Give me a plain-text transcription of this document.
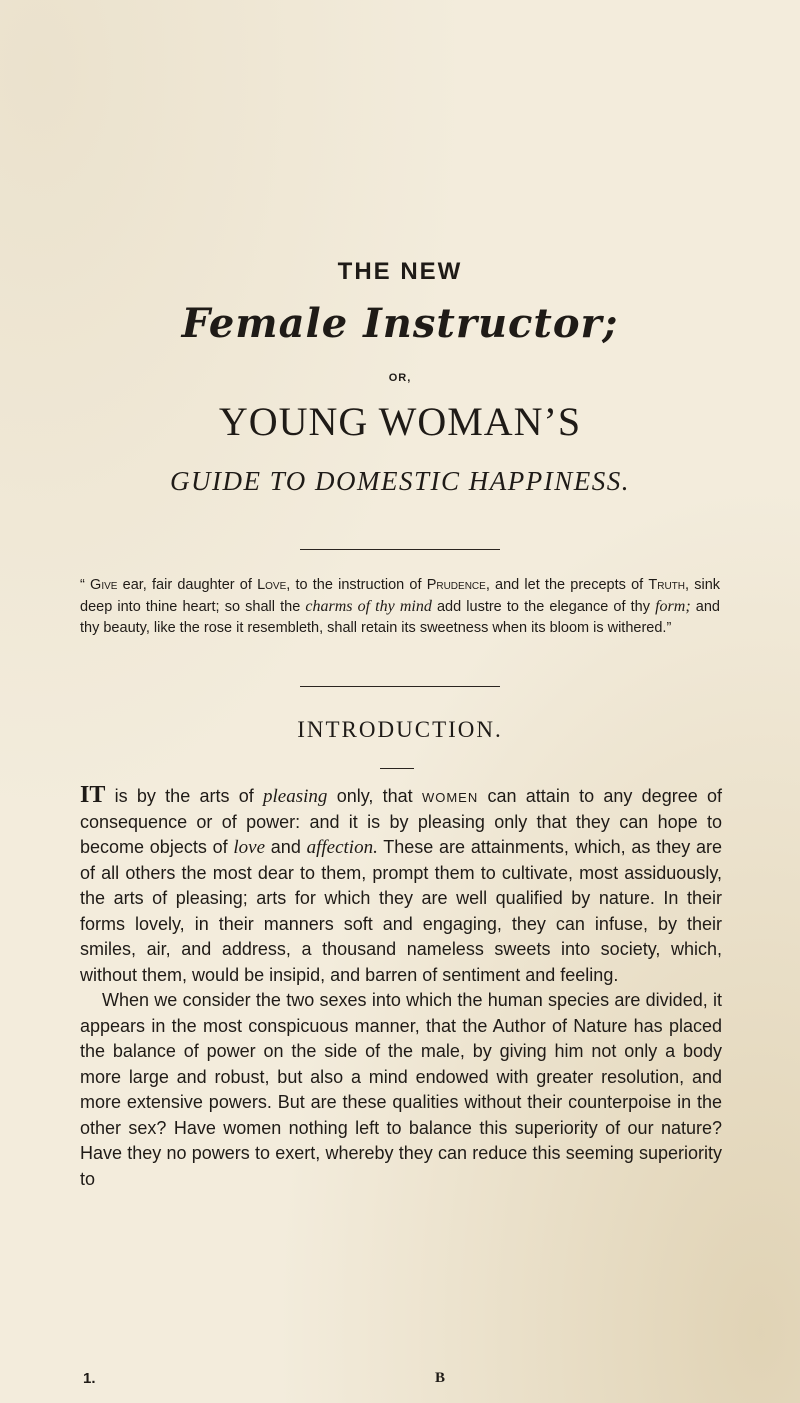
THE NEW
Female Instructor;
OR,
YOUNG WOMAN’S
GUIDE TO DOMESTIC HAPPINESS.
“ Give ear, fair daughter of Love, to the instruction of Prudence, and let the precepts of Truth, sink deep into thine heart; so shall the charms of thy mind add lustre to the elegance of thy form; and thy beauty, like the rose it resembleth, shall retain its sweetness when its bloom is withered.”
INTRODUCTION.

IT is by the arts of pleasing only, that women can attain to any degree of consequence or of power: and it is by pleasing only that they can hope to become objects of love and affection. These are attainments, which, as they are of all others the most dear to them, prompt them to cultivate, most assiduously, the arts of pleasing; arts for which they are well qualified by nature. In their forms lovely, in their manners soft and engaging, they can infuse, by their smiles, air, and address, a thousand nameless sweets into society, which, without them, would be insipid, and barren of sentiment and feeling.

When we consider the two sexes into which the human species are divided, it appears in the most conspicuous manner, that the Author of Nature has placed the balance of power on the side of the male, by giving him not only a body more large and robust, but also a mind endowed with greater resolution, and more extensive powers. But are these qualities without their counterpoise in the other sex? Have women nothing left to balance this superiority of our nature? Have they no powers to exert, whereby they can reduce this seeming superiority to

1.	B
